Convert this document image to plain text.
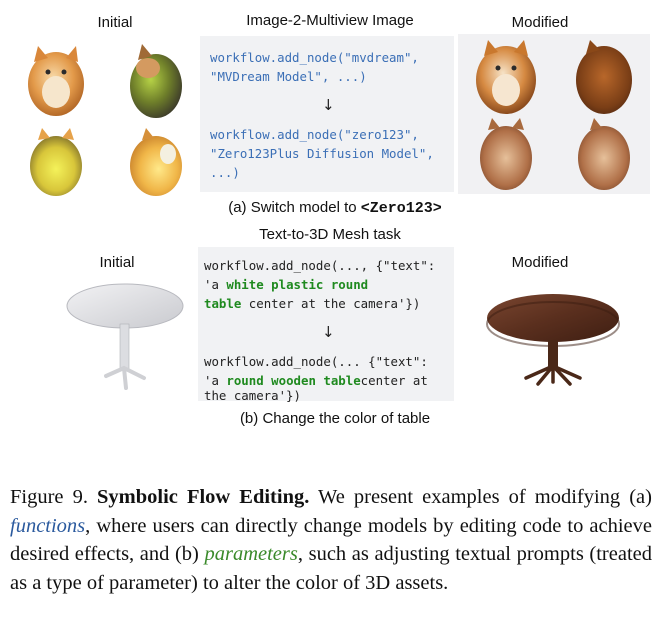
Initial	Image-2-Multiview Image	Modified
workflow.add_node("mvdream",
"MVDream Model", ...)
↓
workflow.add_node("zero123",
"Zero123Plus Diffusion Model",
...)
(a) Switch model to <Zero123>
Text-to-3D Mesh task
Initial	Modified
workflow.add_node(..., {"text":
'a white plastic round
table center at the camera'})
↓
workflow.add_node(... {"text":
'a round wooden tablecenter at
the camera'})
(b) Change the color of table
Figure 9. Symbolic Flow Editing. We present examples of modifying (a) functions, where users can directly change models by editing code to achieve desired effects, and (b) parameters, such as adjusting textual prompts (treated as a type of parameter) to alter the color of 3D assets.
